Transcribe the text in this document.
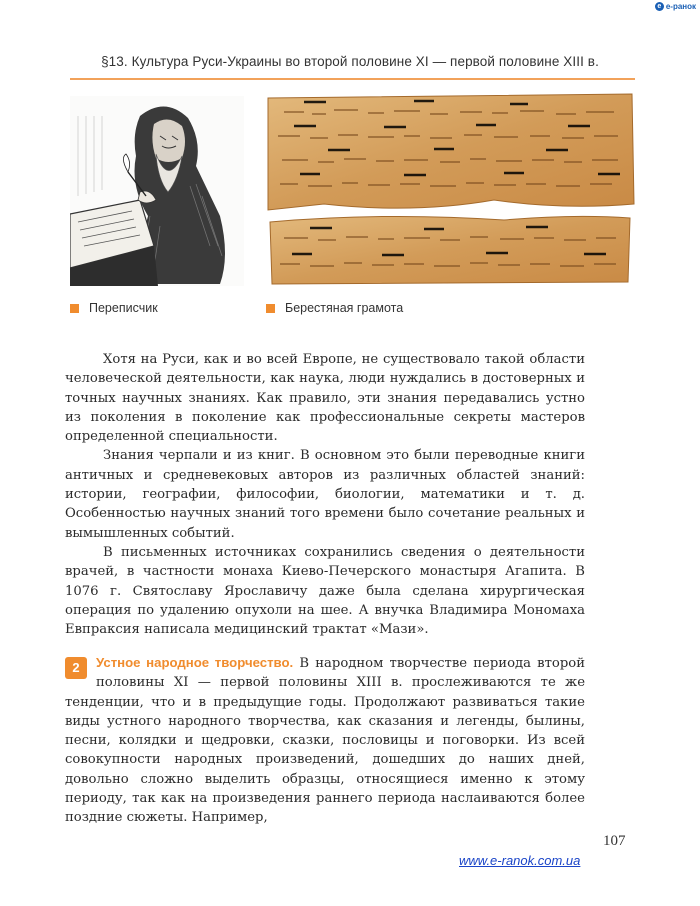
e e-ранок
§13. Культура Руси-Украины во второй половине XI — первой половине XIII в.
Переписчик	Берестяная грамота

Хотя на Руси, как и во всей Европе, не существовало такой области человеческой деятельности, как наука, люди нуждались в достоверных и точных научных знаниях. Как правило, эти знания передавались устно из поколения в поколение как профессиональные секреты мастеров определенной специальности.

Знания черпали и из книг. В основном это были переводные книги античных и средневековых авторов из различных областей знаний: истории, географии, философии, биологии, математики и т. д. Особенностью научных знаний того времени было сочетание реальных и вымышленных событий.

В письменных источниках сохранились сведения о деятельности врачей, в частности монаха Киево-Печерского монастыря Агапита. В 1076 г. Святославу Ярославичу даже была сделана хирургическая операция по удалению опухоли на шее. А внучка Владимира Мономаха Евпраксия написала медицинский трактат «Мази».

2	Устное народное творчество. В народном творчестве периода второй половины XI — первой половины XIII в. прослеживаются те же тенденции, что и в предыдущие годы. Продолжают развиваться такие виды устного народного творчества, как сказания и легенды, былины, песни, колядки и щедровки, сказки, пословицы и поговорки. Из всей совокупности народных произведений, дошедших до наших дней, довольно сложно выделить образцы, относящиеся именно к этому периоду, так как на произведения раннего периода наслаиваются более поздние сюжеты. Например,
107
www.e-ranok.com.ua
